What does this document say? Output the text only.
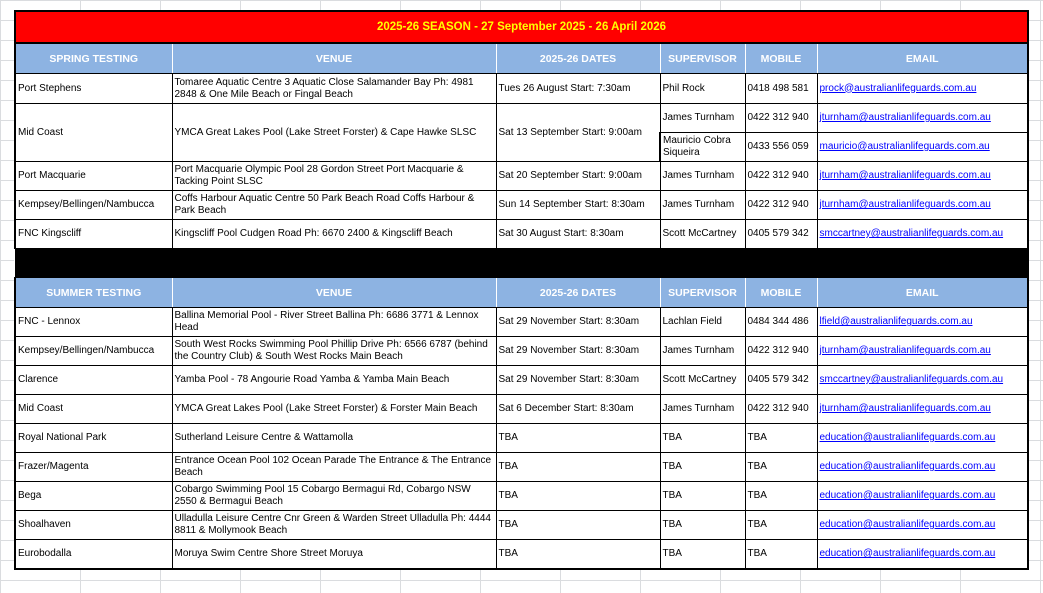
2025-26 SEASON - 27 September 2025 - 26 April 2026					
SPRING TESTING	VENUE	2025-26 DATES	SUPERVISOR	MOBILE	EMAIL
Port Stephens	Tomaree Aquatic Centre 3 Aquatic Close Salamander Bay Ph: 4981 2848 & One Mile Beach or Fingal Beach	Tues 26 August Start: 7:30am	Phil Rock	0418 498 581	prock@australianlifeguards.com.au
Mid Coast	YMCA Great Lakes Pool (Lake Street Forster) & Cape Hawke SLSC	Sat 13 September Start: 9:00am	James Turnham	0422 312 940	jturnham@australianlifeguards.com.au
			Mauricio Cobra Siqueira	0433 556 059	mauricio@australianlifeguards.com.au
Port Macquarie	Port Macquarie Olympic Pool 28 Gordon Street Port Macquarie & Tacking Point SLSC	Sat 20 September Start: 9:00am	James Turnham	0422 312 940	jturnham@australianlifeguards.com.au
Kempsey/Bellingen/Nambucca	Coffs Harbour Aquatic Centre 50 Park Beach Road Coffs Harbour & Park Beach	Sun 14 September Start: 8:30am	James Turnham	0422 312 940	jturnham@australianlifeguards.com.au
FNC Kingscliff	Kingscliff Pool Cudgen Road Ph: 6670 2400 & Kingscliff Beach	Sat 30 August Start: 8:30am	Scott McCartney	0405 579 342	smccartney@australianlifeguards.com.au

SUMMER TESTING	VENUE	2025-26 DATES	SUPERVISOR	MOBILE	EMAIL
FNC - Lennox	Ballina Memorial Pool - River Street Ballina Ph: 6686 3771 & Lennox Head	Sat 29 November Start: 8:30am	Lachlan Field	0484 344 486	lfield@australianlifeguards.com.au
Kempsey/Bellingen/Nambucca	South West Rocks Swimming Pool Phillip Drive Ph: 6566 6787 (behind the Country Club) & South West Rocks Main Beach	Sat 29 November Start: 8:30am	James Turnham	0422 312 940	jturnham@australianlifeguards.com.au
Clarence	Yamba Pool - 78 Angourie Road Yamba & Yamba Main Beach	Sat 29 November Start: 8:30am	Scott McCartney	0405 579 342	smccartney@australianlifeguards.com.au
Mid Coast	YMCA Great Lakes Pool (Lake Street Forster) & Forster Main Beach	Sat 6 December Start: 8:30am	James Turnham	0422 312 940	jturnham@australianlifeguards.com.au
Royal National Park	Sutherland Leisure Centre & Wattamolla	TBA	TBA	TBA	education@australianlifeguards.com.au
Frazer/Magenta	Entrance Ocean Pool 102 Ocean Parade The Entrance & The Entrance Beach	TBA	TBA	TBA	education@australianlifeguards.com.au
Bega	Cobargo Swimming Pool 15 Cobargo Bermagui Rd, Cobargo NSW 2550 & Bermagui Beach	TBA	TBA	TBA	education@australianlifeguards.com.au
Shoalhaven	Ulladulla Leisure Centre Cnr Green & Warden Street Ulladulla Ph: 4444 8811 & Mollymook Beach	TBA	TBA	TBA	education@australianlifeguards.com.au
Eurobodalla	Moruya Swim Centre Shore Street Moruya	TBA	TBA	TBA	education@australianlifeguards.com.au
